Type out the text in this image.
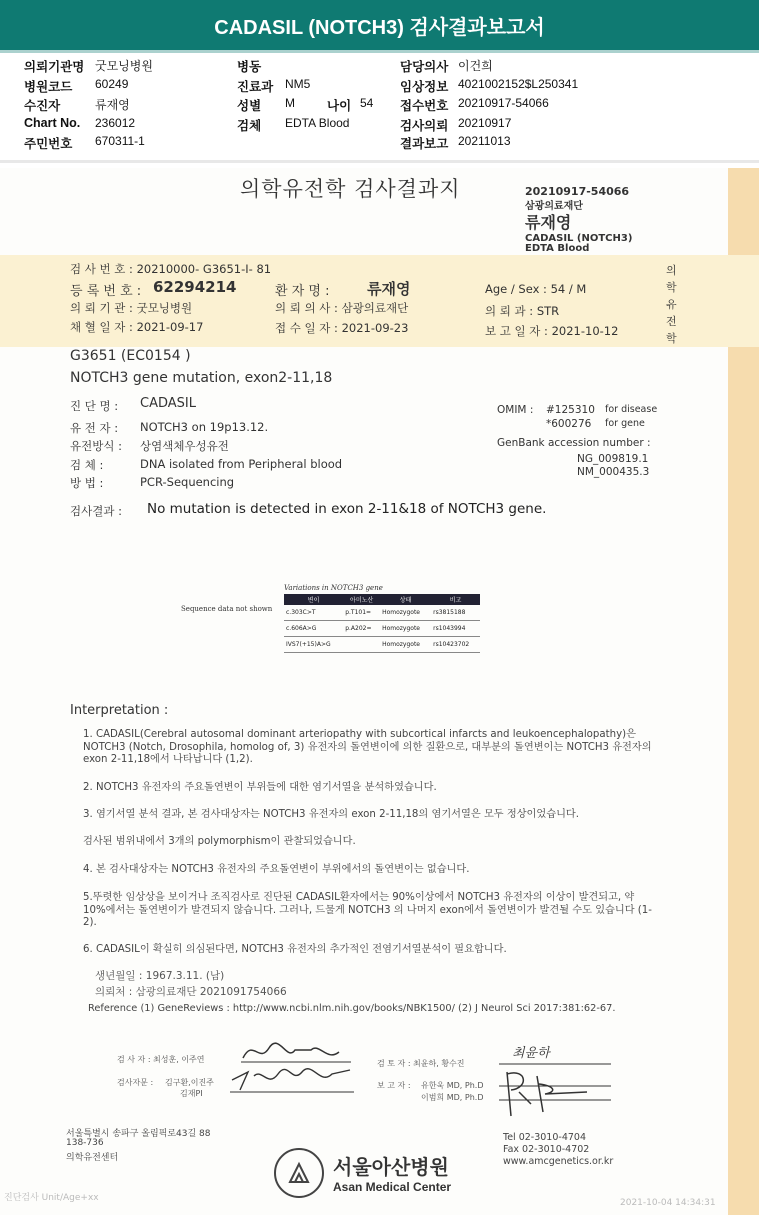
CADASIL (NOTCH3) 검사결과보고서
의뢰기관명 굿모닝병원
병원코드 60249
수진자	류재영
Chart No. 236012
주민번호 670311-1
병동
진료과 NM5
성별 M	나이 54
검체 EDTA Blood
담당의사 이건희
임상정보 4021002152$L250341
접수번호 20210917-54066
검사의뢰 20210917
결과보고 20211013
의학유전학 검사결과지	20210917-54066
삼광의료재단
류재영
CADASIL (NOTCH3)
EDTA Blood
검 사 번 호 : 20210000- G3651-I- 81
등 록 번 호 : 62294214	환 자 명 :	류재영	Age / Sex : 54 / M
의 뢰 기 관 : 굿모닝병원	의 뢰 의 사 : 삼광의료재단	의 뢰 과 : STR
채 혈 일 자 : 2021-09-17	접 수 일 자 : 2021-09-23	보 고 일 자 : 2021-10-12
의
학
유
전
학
G3651 (EC0154 )
NOTCH3 gene mutation, exon2-11,18
진 단 명 : CADASIL
유 전 자 : NOTCH3 on 19p13.12.
유전방식 : 상염색체우성유전
검 체 :	DNA isolated from Peripheral blood
방 법 :	PCR-Sequencing
OMIM : #125310 for disease
*600276 for gene
GenBank accession number :
NG_009819.1
NM_000435.3
검사결과 : No mutation is detected in exon 2-11&18 of NOTCH3 gene.
Sequence data not shown
Variations in NOTCH3 gene
변이	아미노산	상태	비고
c.303C>T	p.T101=	Homozygote	rs3815188
c.606A>G	p.A202=	Homozygote	rs1043994
IVS7(+15)A>G		Homozygote	rs10423702
Interpretation :
1. CADASIL(Cerebral autosomal dominant arteriopathy with subcortical infarcts and leukoencephalopathy)은 NOTCH3 (Notch, Drosophila, homolog of, 3) 유전자의 돌연변이에 의한 질환으로, 대부분의 돌연변이는 NOTCH3 유전자의 exon 2-11,18에서 나타납니다 (1,2).
2. NOTCH3 유전자의 주요돌연변이 부위들에 대한 염기서열을 분석하였습니다.
3. 염기서열 분석 결과, 본 검사대상자는 NOTCH3 유전자의 exon 2-11,18의 염기서열은 모두 정상이었습니다.
검사된 범위내에서 3개의 polymorphism이 관찰되었습니다.
4. 본 검사대상자는 NOTCH3 유전자의 주요돌연변이 부위에서의 돌연변이는 없습니다.
5.뚜렷한 임상상을 보이거나 조직검사로 진단된 CADASIL환자에서는 90%이상에서 NOTCH3 유전자의 이상이 발견되고, 약 10%에서는 돌연변이가 발견되지 않습니다. 그러나, 드물게 NOTCH3 의 나머지 exon에서 돌연변이가 발견될 수도 있습니다 (1-2).
6. CADASIL이 확실히 의심된다면, NOTCH3 유전자의 추가적인 전염기서열분석이 필요합니다.
생년월일 : 1967.3.11. (남)
의뢰처 : 삼광의료재단 2021091754066
Reference (1) GeneReviews : http://www.ncbi.nlm.nih.gov/books/NBK1500/ (2) J Neurol Sci 2017:381:62-67.
검 사 자 : 최성훈, 이주연
검사자문 : 김구환,이진주
김재PI
검 토 자 : 최윤하, 황수진
최윤하
보 고 자 : 유한욱 MD, Ph.D
이범희 MD, Ph.D
서울특별시 송파구 올림픽로43길 88
138-736
의학유전센터
Tel 02-3010-4704
Fax 02-3010-4702
www.amcgenetics.or.kr
서울아산병원
Asan Medical Center
진단검사 Unit/Age+xx	2021-10-04 14:34:31
